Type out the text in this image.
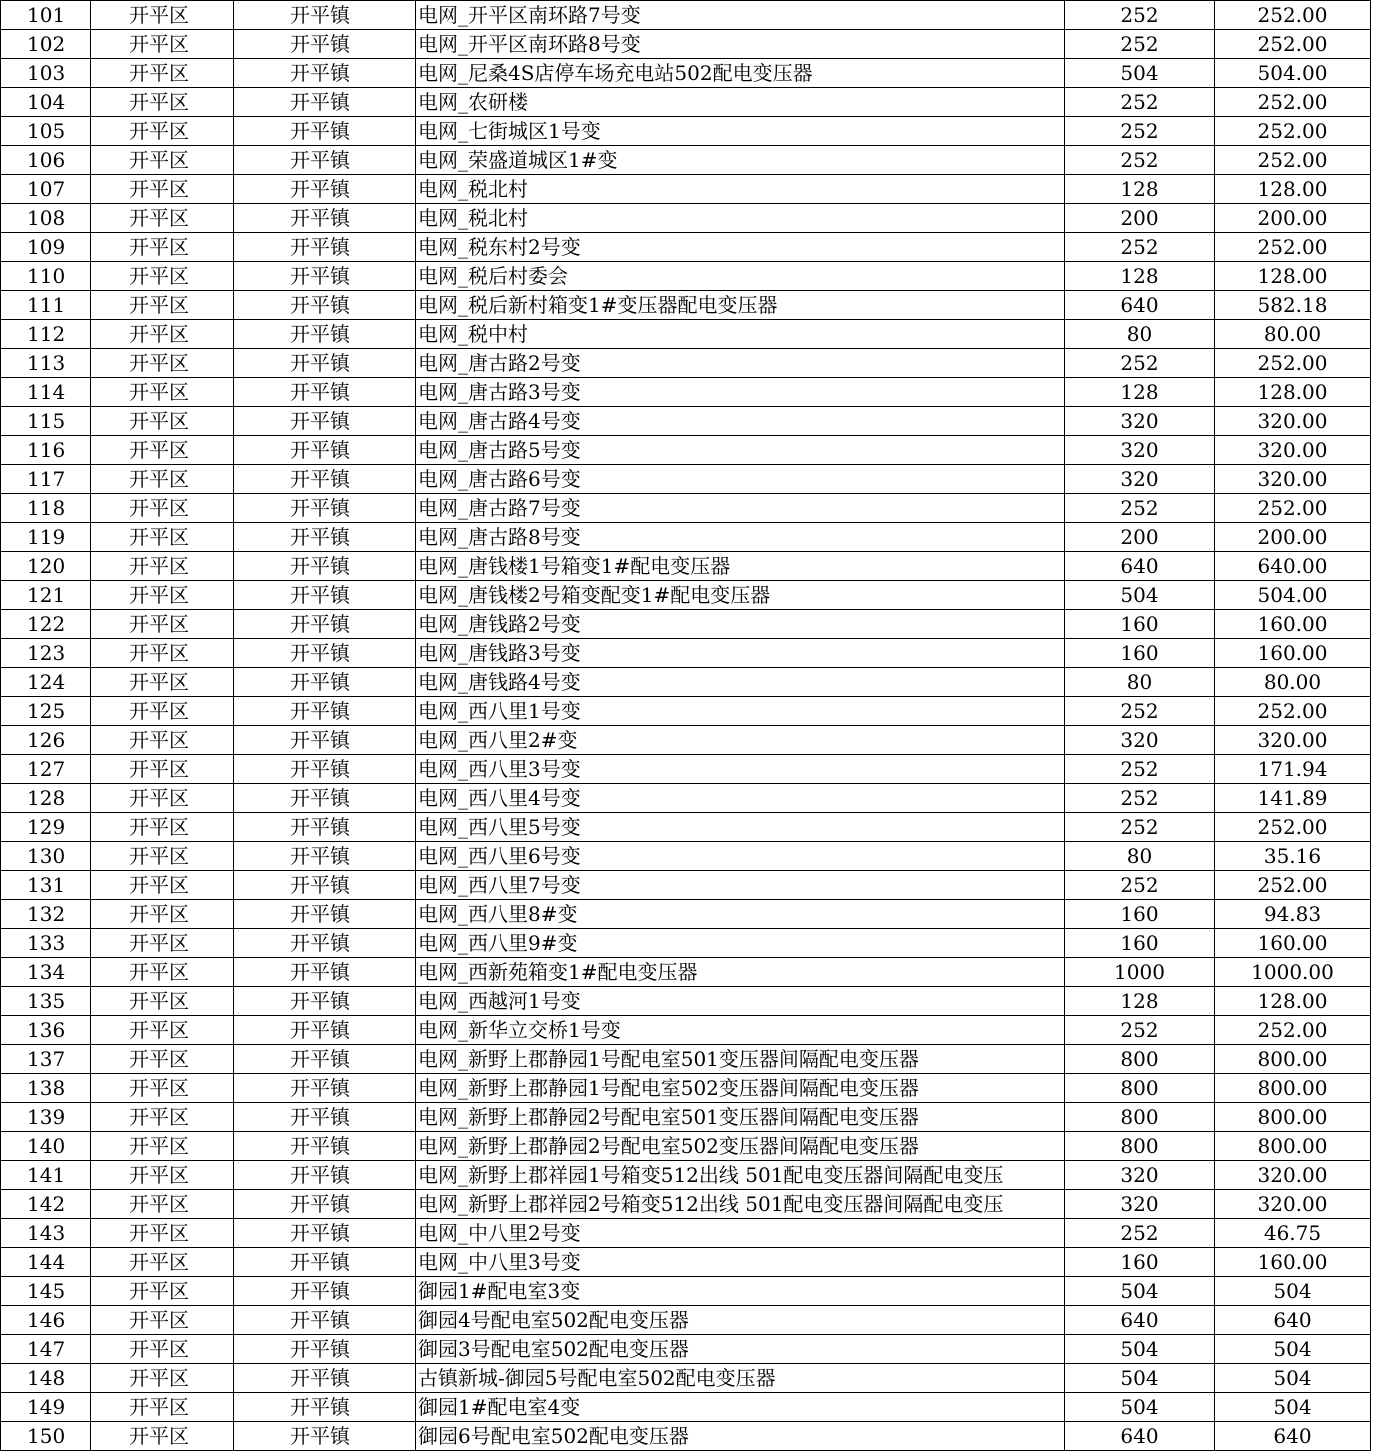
101	开平区	开平镇	电网_开平区南环路7号变	252	252.00
102	开平区	开平镇	电网_开平区南环路8号变	252	252.00
103	开平区	开平镇	电网_尼桑4S店停车场充电站502配电变压器	504	504.00
104	开平区	开平镇	电网_农研楼	252	252.00
105	开平区	开平镇	电网_七街城区1号变	252	252.00
106	开平区	开平镇	电网_荣盛道城区1#变	252	252.00
107	开平区	开平镇	电网_税北村	128	128.00
108	开平区	开平镇	电网_税北村	200	200.00
109	开平区	开平镇	电网_税东村2号变	252	252.00
110	开平区	开平镇	电网_税后村委会	128	128.00
111	开平区	开平镇	电网_税后新村箱变1#变压器配电变压器	640	582.18
112	开平区	开平镇	电网_税中村	80	80.00
113	开平区	开平镇	电网_唐古路2号变	252	252.00
114	开平区	开平镇	电网_唐古路3号变	128	128.00
115	开平区	开平镇	电网_唐古路4号变	320	320.00
116	开平区	开平镇	电网_唐古路5号变	320	320.00
117	开平区	开平镇	电网_唐古路6号变	320	320.00
118	开平区	开平镇	电网_唐古路7号变	252	252.00
119	开平区	开平镇	电网_唐古路8号变	200	200.00
120	开平区	开平镇	电网_唐钱楼1号箱变1#配电变压器	640	640.00
121	开平区	开平镇	电网_唐钱楼2号箱变配变1#配电变压器	504	504.00
122	开平区	开平镇	电网_唐钱路2号变	160	160.00
123	开平区	开平镇	电网_唐钱路3号变	160	160.00
124	开平区	开平镇	电网_唐钱路4号变	80	80.00
125	开平区	开平镇	电网_西八里1号变	252	252.00
126	开平区	开平镇	电网_西八里2#变	320	320.00
127	开平区	开平镇	电网_西八里3号变	252	171.94
128	开平区	开平镇	电网_西八里4号变	252	141.89
129	开平区	开平镇	电网_西八里5号变	252	252.00
130	开平区	开平镇	电网_西八里6号变	80	35.16
131	开平区	开平镇	电网_西八里7号变	252	252.00
132	开平区	开平镇	电网_西八里8#变	160	94.83
133	开平区	开平镇	电网_西八里9#变	160	160.00
134	开平区	开平镇	电网_西新苑箱变1#配电变压器	1000	1000.00
135	开平区	开平镇	电网_西越河1号变	128	128.00
136	开平区	开平镇	电网_新华立交桥1号变	252	252.00
137	开平区	开平镇	电网_新野上郡静园1号配电室501变压器间隔配电变压器	800	800.00
138	开平区	开平镇	电网_新野上郡静园1号配电室502变压器间隔配电变压器	800	800.00
139	开平区	开平镇	电网_新野上郡静园2号配电室501变压器间隔配电变压器	800	800.00
140	开平区	开平镇	电网_新野上郡静园2号配电室502变压器间隔配电变压器	800	800.00
141	开平区	开平镇	电网_新野上郡祥园1号箱变512出线 501配电变压器间隔配电变压	320	320.00
142	开平区	开平镇	电网_新野上郡祥园2号箱变512出线 501配电变压器间隔配电变压	320	320.00
143	开平区	开平镇	电网_中八里2号变	252	46.75
144	开平区	开平镇	电网_中八里3号变	160	160.00
145	开平区	开平镇	御园1#配电室3变	504	504
146	开平区	开平镇	御园4号配电室502配电变压器	640	640
147	开平区	开平镇	御园3号配电室502配电变压器	504	504
148	开平区	开平镇	古镇新城-御园5号配电室502配电变压器	504	504
149	开平区	开平镇	御园1#配电室4变	504	504
150	开平区	开平镇	御园6号配电室502配电变压器	640	640
